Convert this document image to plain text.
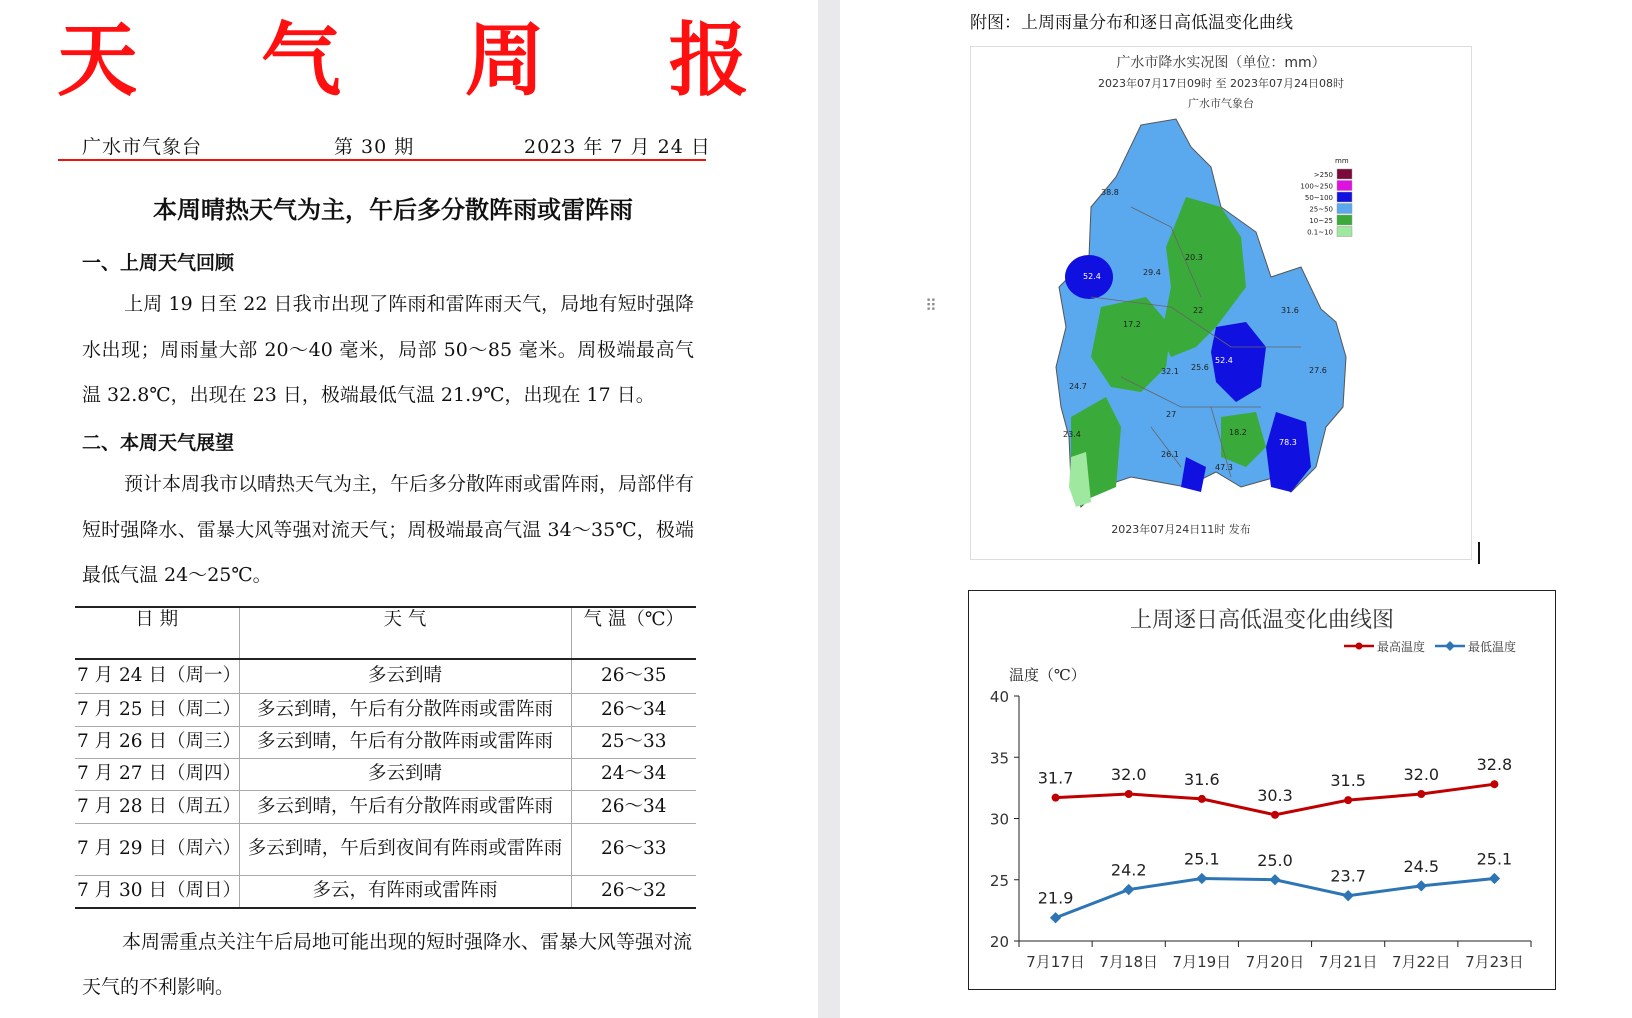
天 气 周 报
广水市气象台	第 30 期	2023 年 7 月 24 日
本周晴热天气为主，午后多分散阵雨或雷阵雨
一、上周天气回顾
上周 19 日至 22 日我市出现了阵雨和雷阵雨天气，局地有短时强降水出现；周雨量大部 20～40 毫米，局部 50～85 毫米。周极端最高气温 32.8℃，出现在 23 日，极端最低气温 21.9℃，出现在 17 日。
二、本周天气展望
预计本周我市以晴热天气为主，午后多分散阵雨或雷阵雨，局部伴有短时强降水、雷暴大风等强对流天气；周极端最高气温 34～35℃，极端最低气温 24～25℃。
日 期	天 气	气 温（℃）
7 月 24 日（周一）	多云到晴	26～35
7 月 25 日（周二）	多云到晴，午后有分散阵雨或雷阵雨	26～34
7 月 26 日（周三）	多云到晴，午后有分散阵雨或雷阵雨	25～33
7 月 27 日（周四）	多云到晴	24～34
7 月 28 日（周五）	多云到晴，午后有分散阵雨或雷阵雨	26～34
7 月 29 日（周六）	多云到晴，午后到夜间有阵雨或雷阵雨	26～33
7 月 30 日（周日）	多云，有阵雨或雷阵雨	26～32
本周需重点关注午后局地可能出现的短时强降水、雷暴大风等强对流天气的不利影响。
附图：上周雨量分布和逐日高低温变化曲线
⠿
广水市降水实况图（单位：mm）
2023年07月17日09时 至 2023年07月24日08时
广水市气象台
38.8
52.4	29.4
20.3
22
17.2
31.6
52.4
25.6
32.1	27.6
24.7
27
18.2
78.3
23.4
26.1
47.3
mm
>250
100~250
50~100
25~50
10~25
0.1~10
2023年07月24日11时 发布
上周逐日高低温变化曲线图
温度（℃）
20
25
30
35
40
7月17日 7月18日 7月19日 7月20日 7月21日 7月22日 7月23日
31.7 32.0 31.6
30.3
31.5 32.0
32.8
21.9
24.2
25.1 25.0
23.7
24.5 25.1
最高温度	最低温度
